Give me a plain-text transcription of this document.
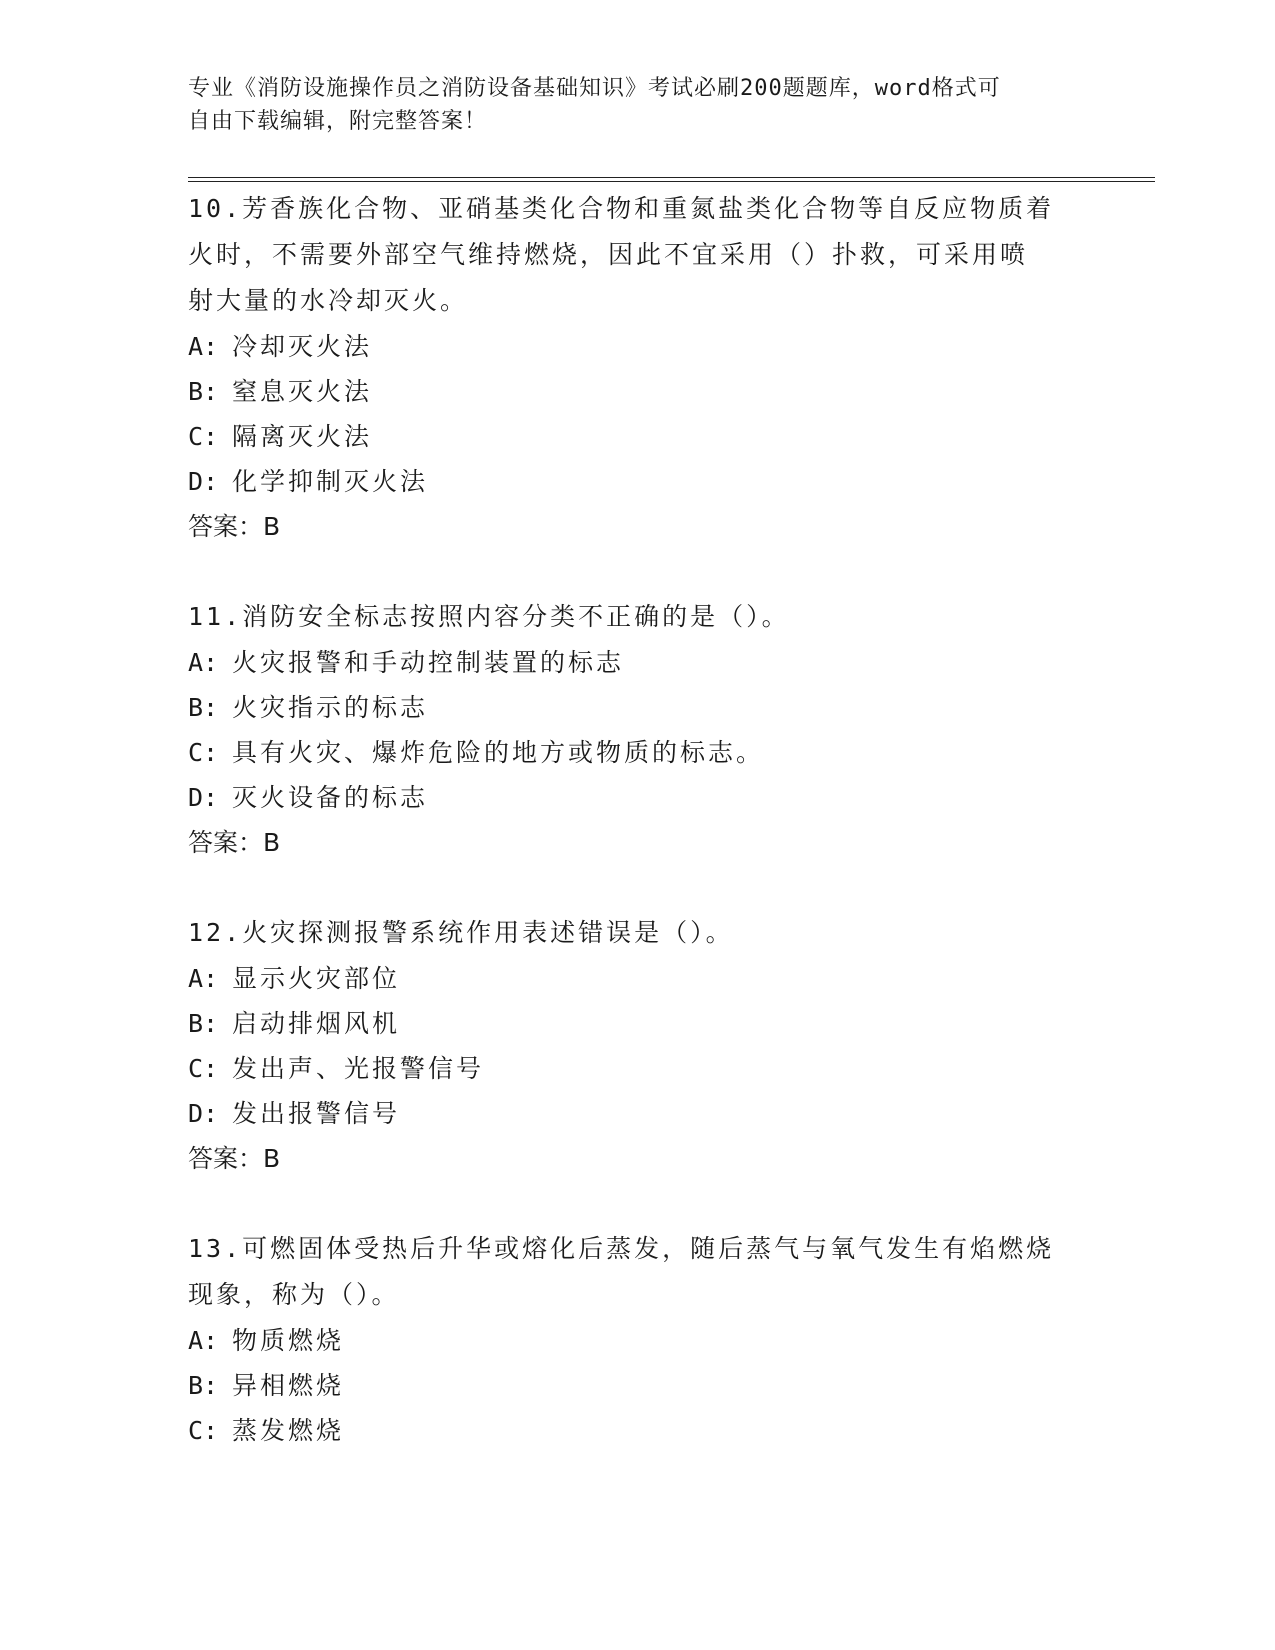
专业《消防设施操作员之消防设备基础知识》考试必刷200题题库，word格式可
自由下载编辑，附完整答案！
10.芳香族化合物、亚硝基类化合物和重氮盐类化合物等自反应物质着
火时，不需要外部空气维持燃烧，因此不宜采用（）扑救，可采用喷
射大量的水冷却灭火。
A: 冷却灭火法
B: 窒息灭火法
C: 隔离灭火法
D: 化学抑制灭火法
答案：B
11.消防安全标志按照内容分类不正确的是（）。
A: 火灾报警和手动控制装置的标志
B: 火灾指示的标志
C: 具有火灾、爆炸危险的地方或物质的标志。
D: 灭火设备的标志
答案：B
12.火灾探测报警系统作用表述错误是（）。
A: 显示火灾部位
B: 启动排烟风机
C: 发出声、光报警信号
D: 发出报警信号
答案：B
13.可燃固体受热后升华或熔化后蒸发，随后蒸气与氧气发生有焰燃烧
现象，称为（）。
A: 物质燃烧
B: 异相燃烧
C: 蒸发燃烧
